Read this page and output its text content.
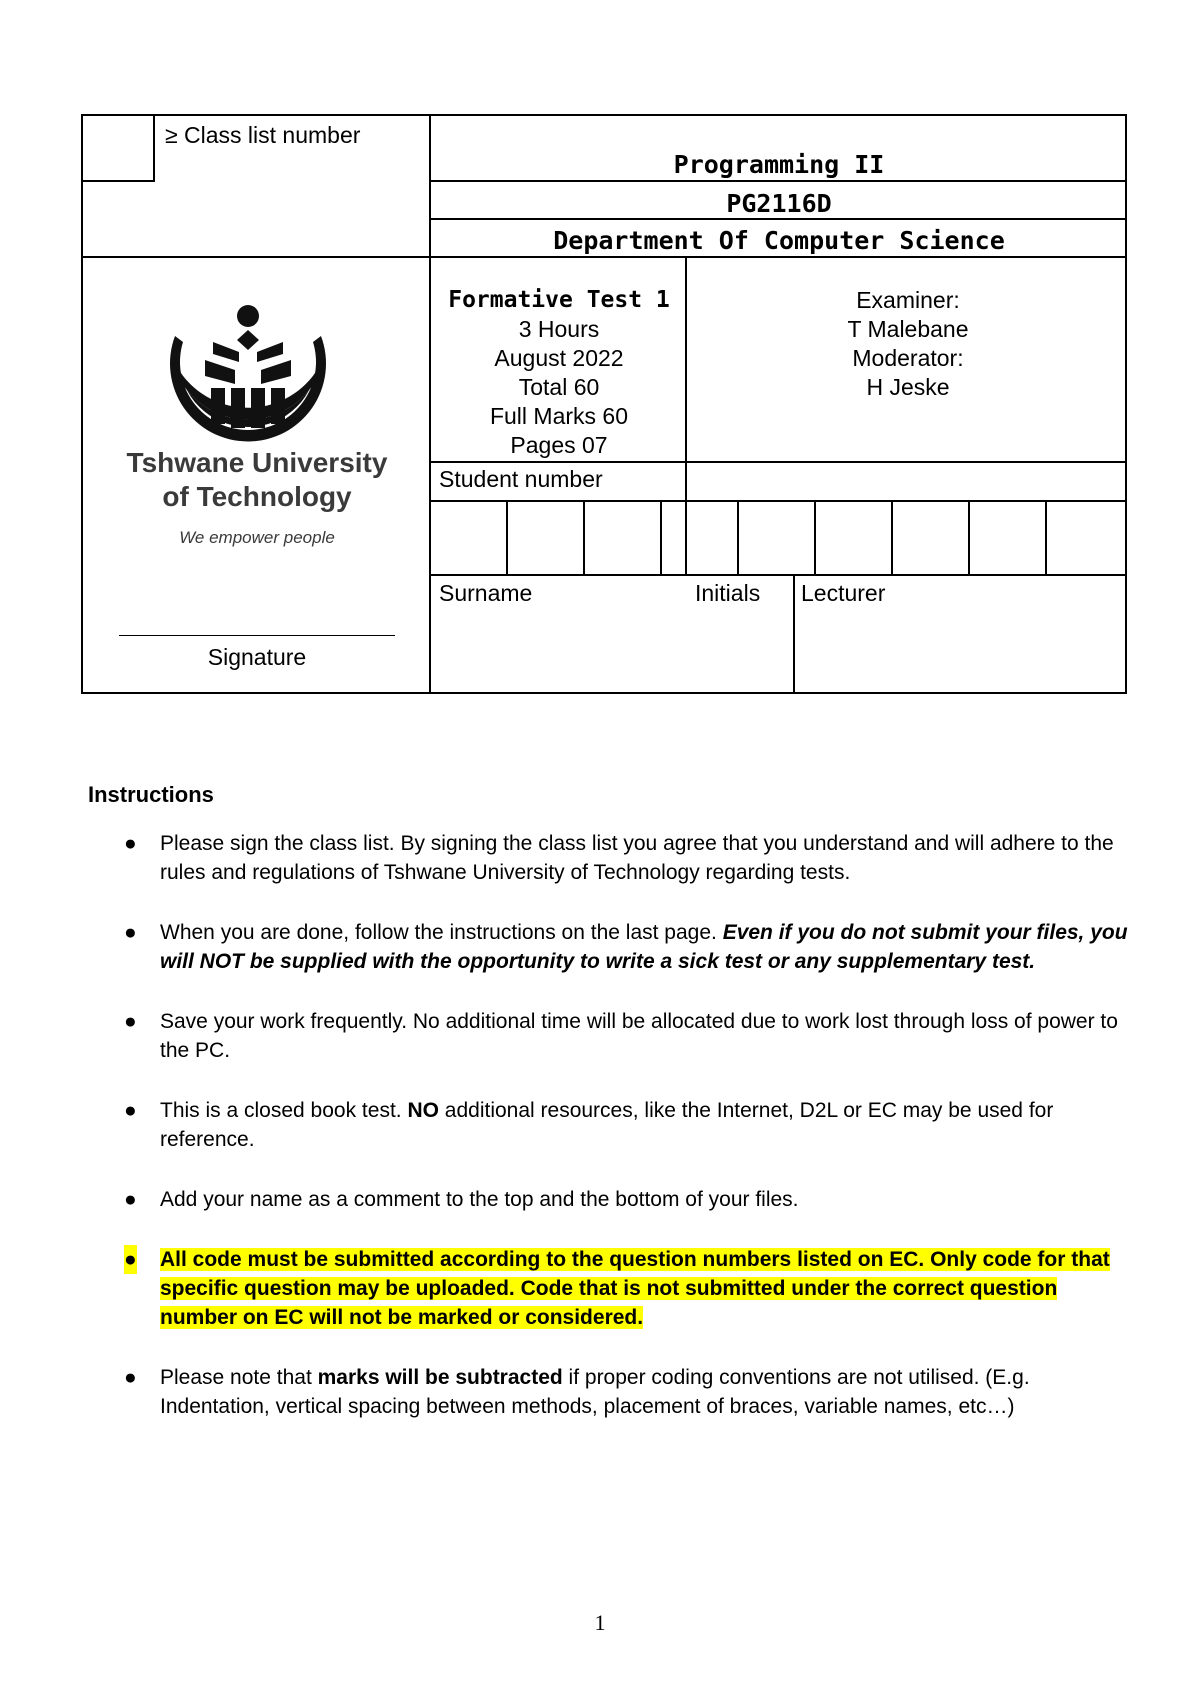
≥ Class list number
Programming II
PG2116D
Department Of Computer Science
Tshwane University
of Technology
We empower people
Signature
Formative Test 1
3 Hours
August 2022
Total 60
Full Marks 60
Pages 07
Examiner:
T Malebane
Moderator:
H Jeske
Student number
Surname	Initials Lecturer
Instructions
● Please sign the class list. By signing the class list you agree that you understand and will adhere to the rules and regulations of Tshwane University of Technology regarding tests.
● When you are done, follow the instructions on the last page. Even if you do not submit your files, you will NOT be supplied with the opportunity to write a sick test or any supplementary test.
● Save your work frequently. No additional time will be allocated due to work lost through loss of power to the PC.
● This is a closed book test. NO additional resources, like the Internet, D2L or EC may be used for reference.
● Add your name as a comment to the top and the bottom of your files.
● All code must be submitted according to the question numbers listed on EC. Only code for that specific question may be uploaded. Code that is not submitted under the correct question number on EC will not be marked or considered.
● Please note that marks will be subtracted if proper coding conventions are not utilised. (E.g. Indentation, vertical spacing between methods, placement of braces, variable names, etc…)
1
